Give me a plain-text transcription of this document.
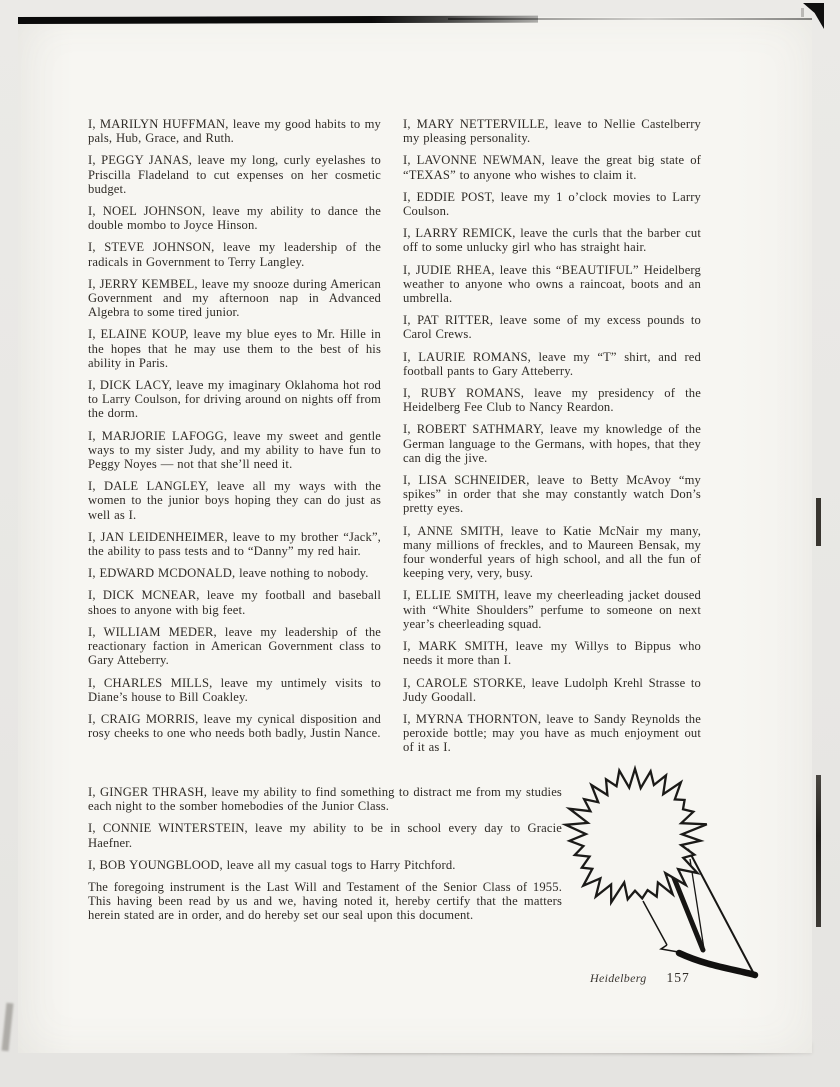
I, MARILYN HUFFMAN, leave my good habits to my pals, Hub, Grace, and Ruth.

I, PEGGY JANAS, leave my long, curly eyelashes to Priscilla Fladeland to cut expenses on her cosmetic budget.

I, NOEL JOHNSON, leave my ability to dance the double mombo to Joyce Hinson.

I, STEVE JOHNSON, leave my leadership of the radicals in Government to Terry Langley.

I, JERRY KEMBEL, leave my snooze during American Government and my afternoon nap in Advanced Algebra to some tired junior.

I, ELAINE KOUP, leave my blue eyes to Mr. Hille in the hopes that he may use them to the best of his ability in Paris.

I, DICK LACY, leave my imaginary Oklahoma hot rod to Larry Coulson, for driving around on nights off from the dorm.

I, MARJORIE LAFOGG, leave my sweet and gentle ways to my sister Judy, and my ability to have fun to Peggy Noyes — not that she’ll need it.

I, DALE LANGLEY, leave all my ways with the women to the junior boys hoping they can do just as well as I.

I, JAN LEIDENHEIMER, leave to my brother “Jack”, the ability to pass tests and to “Danny” my red hair.

I, EDWARD MCDONALD, leave nothing to nobody.

I, DICK MCNEAR, leave my football and baseball shoes to anyone with big feet.

I, WILLIAM MEDER, leave my leadership of the reactionary faction in American Government class to Gary Atteberry.

I, CHARLES MILLS, leave my untimely visits to Diane’s house to Bill Coakley.

I, CRAIG MORRIS, leave my cynical disposition and rosy cheeks to one who needs both badly, Justin Nance.

I, MARY NETTERVILLE, leave to Nellie Castelberry my pleasing personality.

I, LAVONNE NEWMAN, leave the great big state of “TEXAS” to anyone who wishes to claim it.

I, EDDIE POST, leave my 1 o’clock movies to Larry Coulson.

I, LARRY REMICK, leave the curls that the barber cut off to some unlucky girl who has straight hair.

I, JUDIE RHEA, leave this “BEAUTIFUL” Heidelberg weather to anyone who owns a raincoat, boots and an umbrella.

I, PAT RITTER, leave some of my excess pounds to Carol Crews.

I, LAURIE ROMANS, leave my “T” shirt, and red football pants to Gary Atteberry.

I, RUBY ROMANS, leave my presidency of the Heidelberg Fee Club to Nancy Reardon.

I, ROBERT SATHMARY, leave my knowledge of the German language to the Germans, with hopes, that they can dig the jive.

I, LISA SCHNEIDER, leave to Betty McAvoy “my spikes” in order that she may constantly watch Don’s pretty eyes.

I, ANNE SMITH, leave to Katie McNair my many, many millions of freckles, and to Maureen Bensak, my four wonderful years of high school, and all the fun of keeping very, very, busy.

I, ELLIE SMITH, leave my cheerleading jacket doused with “White Shoulders” perfume to someone on next year’s cheerleading squad.

I, MARK SMITH, leave my Willys to Bippus who needs it more than I.

I, CAROLE STORKE, leave Ludolph Krehl Strasse to Judy Goodall.

I, MYRNA THORNTON, leave to Sandy Reynolds the peroxide bottle; may you have as much enjoyment out of it as I.

I, GINGER THRASH, leave my ability to find something to distract me from my studies each night to the somber homebodies of the Junior Class.

I, CONNIE WINTERSTEIN, leave my ability to be in school every day to Gracie Haefner.

I, BOB YOUNGBLOOD, leave all my casual togs to Harry Pitchford.

The foregoing instrument is the Last Will and Testament of the Senior Class of 1955. This having been read by us and we, having noted it, hereby certify that the matters herein stated are in order, and do hereby set our seal upon this document.

Heidelberg 157
